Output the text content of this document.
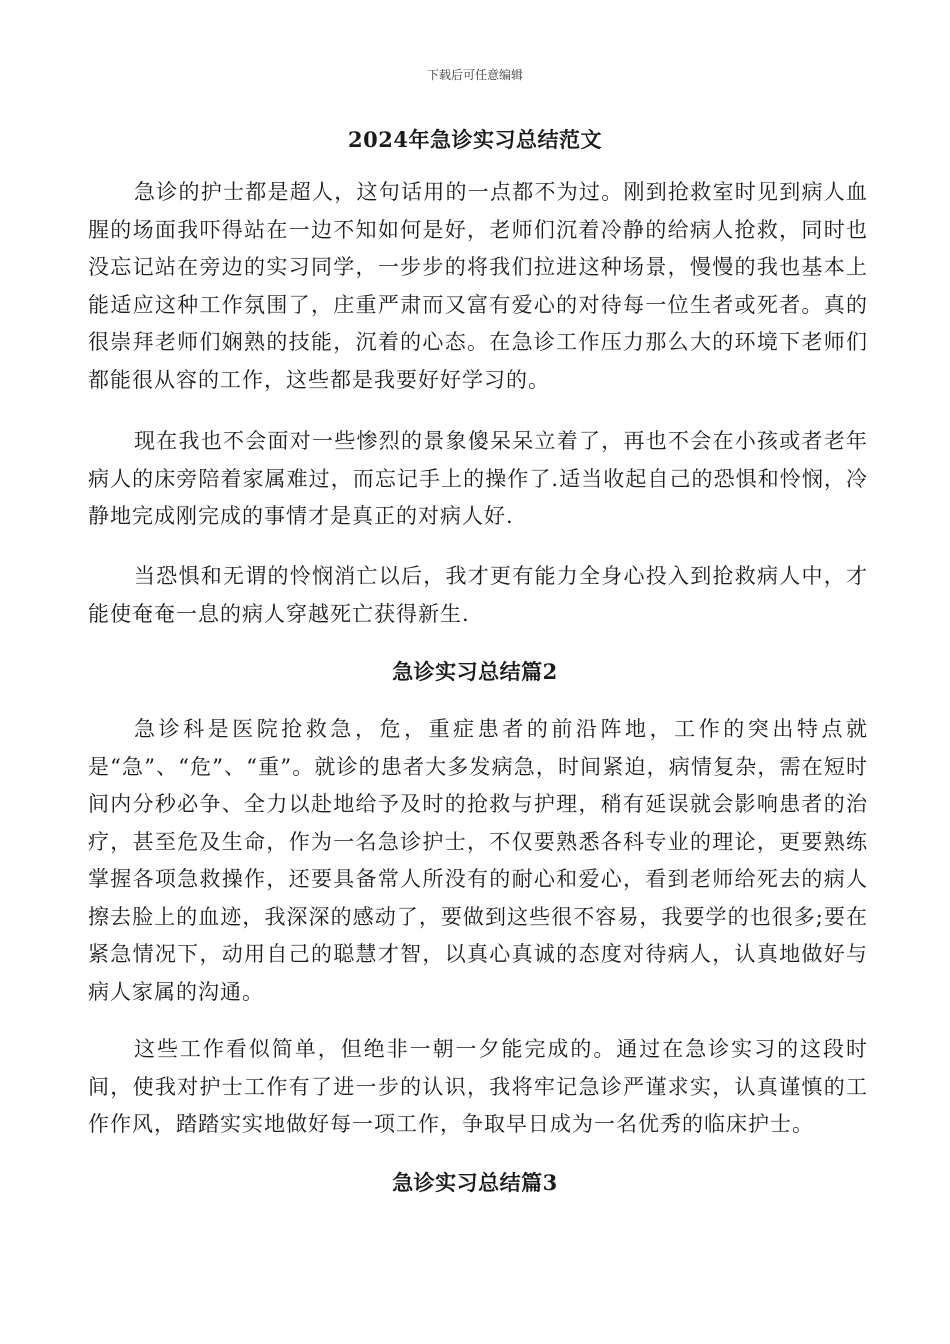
下载后可任意编辑
2024年急诊实习总结范文
急诊的护士都是超人，这句话用的一点都不为过。刚到抢救室时见到病人血腥的场面我吓得站在一边不知如何是好，老师们沉着冷静的给病人抢救，同时也没忘记站在旁边的实习同学，一步步的将我们拉进这种场景，慢慢的我也基本上能适应这种工作氛围了，庄重严肃而又富有爱心的对待每一位生者或死者。真的很崇拜老师们娴熟的技能，沉着的心态。在急诊工作压力那么大的环境下老师们都能很从容的工作，这些都是我要好好学习的。
现在我也不会面对一些惨烈的景象傻呆呆立着了，再也不会在小孩或者老年病人的床旁陪着家属难过，而忘记手上的操作了.适当收起自己的恐惧和怜悯，冷静地完成刚完成的事情才是真正的对病人好.
当恐惧和无谓的怜悯消亡以后，我才更有能力全身心投入到抢救病人中，才能使奄奄一息的病人穿越死亡获得新生.
急诊实习总结篇2
急诊科是医院抢救急，危，重症患者的前沿阵地，工作的突出特点就是“急”、“危”、“重”。就诊的患者大多发病急，时间紧迫，病情复杂，需在短时间内分秒必争、全力以赴地给予及时的抢救与护理，稍有延误就会影响患者的治疗，甚至危及生命，作为一名急诊护士，不仅要熟悉各科专业的理论，更要熟练掌握各项急救操作，还要具备常人所没有的耐心和爱心，看到老师给死去的病人擦去脸上的血迹，我深深的感动了，要做到这些很不容易，我要学的也很多;要在紧急情况下，动用自己的聪慧才智，以真心真诚的态度对待病人，认真地做好与病人家属的沟通。
这些工作看似简单，但绝非一朝一夕能完成的。通过在急诊实习的这段时间，使我对护士工作有了进一步的认识，我将牢记急诊严谨求实，认真谨慎的工作作风，踏踏实实地做好每一项工作，争取早日成为一名优秀的临床护士。
急诊实习总结篇3
